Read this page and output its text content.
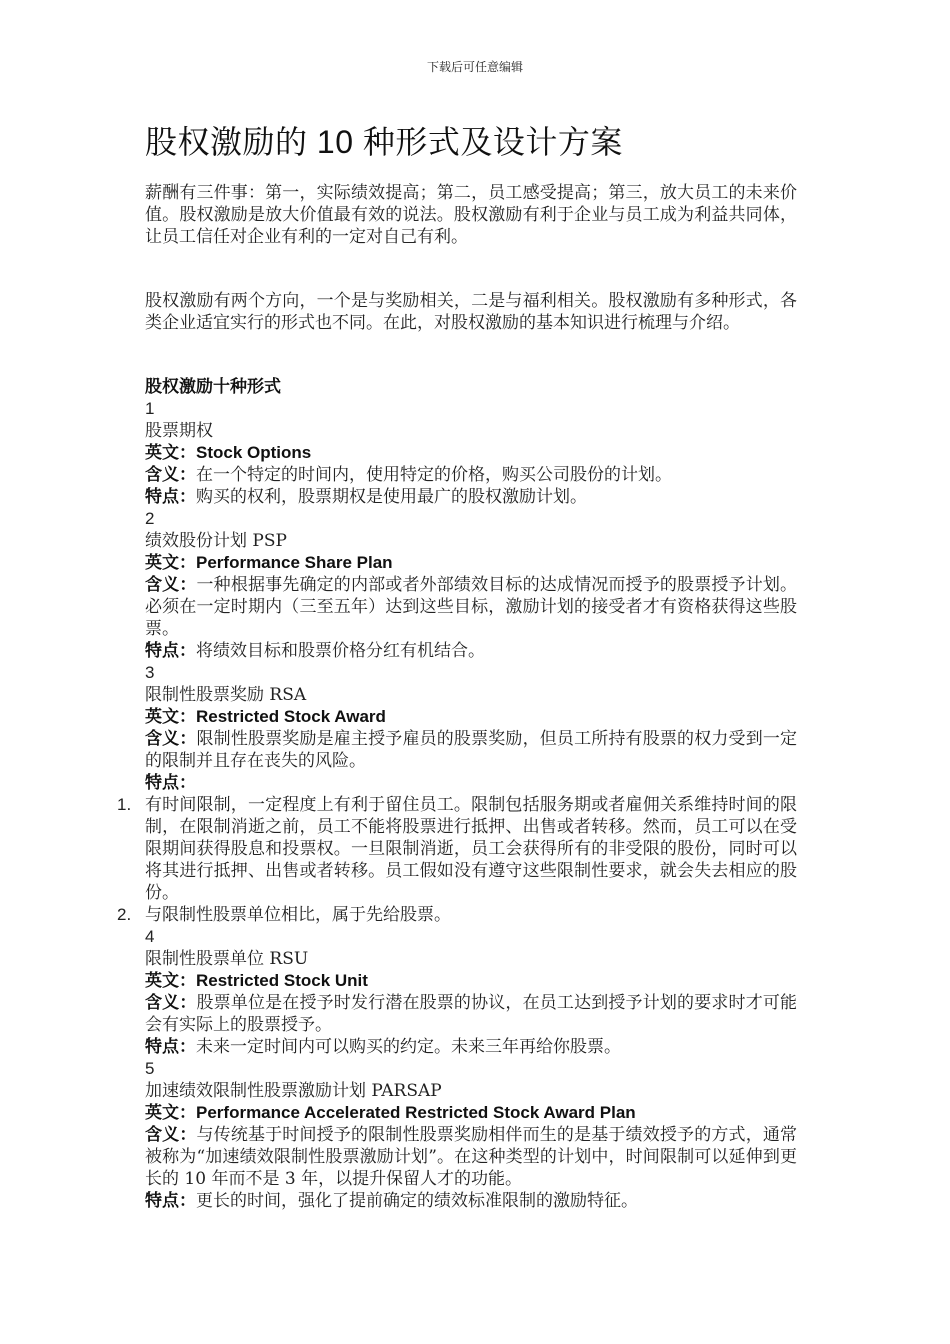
下载后可任意编辑
股权激励的 10 种形式及设计方案

薪酬有三件事：第一，实际绩效提高；第二，员工感受提高；第三，放大员工的未来价值。股权激励是放大价值最有效的说法。股权激励有利于企业与员工成为利益共同体，让员工信任对企业有利的一定对自己有利。

股权激励有两个方向，一个是与奖励相关，二是与福利相关。股权激励有多种形式，各类企业适宜实行的形式也不同。在此，对股权激励的基本知识进行梳理与介绍。

股权激励十种形式

1

股票期权

英文：Stock Options

含义：在一个特定的时间内，使用特定的价格，购买公司股份的计划。

特点：购买的权利，股票期权是使用最广的股权激励计划。

2

绩效股份计划 PSP

英文：Performance Share Plan

含义：一种根据事先确定的内部或者外部绩效目标的达成情况而授予的股票授予计划。必须在一定时期内（三至五年）达到这些目标，激励计划的接受者才有资格获得这些股票。

特点：将绩效目标和股票价格分红有机结合。

3

限制性股票奖励 RSA

英文：Restricted Stock Award

含义：限制性股票奖励是雇主授予雇员的股票奖励，但员工所持有股票的权力受到一定的限制并且存在丧失的风险。

特点：

1. 有时间限制，一定程度上有利于留住员工。限制包括服务期或者雇佣关系维持时间的限制，在限制消逝之前，员工不能将股票进行抵押、出售或者转移。然而，员工可以在受限期间获得股息和投票权。一旦限制消逝，员工会获得所有的非受限的股份，同时可以将其进行抵押、出售或者转移。员工假如没有遵守这些限制性要求，就会失去相应的股份。
2. 与限制性股票单位相比，属于先给股票。

4

限制性股票单位 RSU

英文：Restricted Stock Unit

含义：股票单位是在授予时发行潜在股票的协议，在员工达到授予计划的要求时才可能会有实际上的股票授予。

特点：未来一定时间内可以购买的约定。未来三年再给你股票。

5

加速绩效限制性股票激励计划 PARSAP

英文：Performance Accelerated Restricted Stock Award Plan

含义：与传统基于时间授予的限制性股票奖励相伴而生的是基于绩效授予的方式，通常被称为“加速绩效限制性股票激励计划”。在这种类型的计划中，时间限制可以延伸到更长的 10 年而不是 3 年，以提升保留人才的功能。

特点：更长的时间，强化了提前确定的绩效标准限制的激励特征。
